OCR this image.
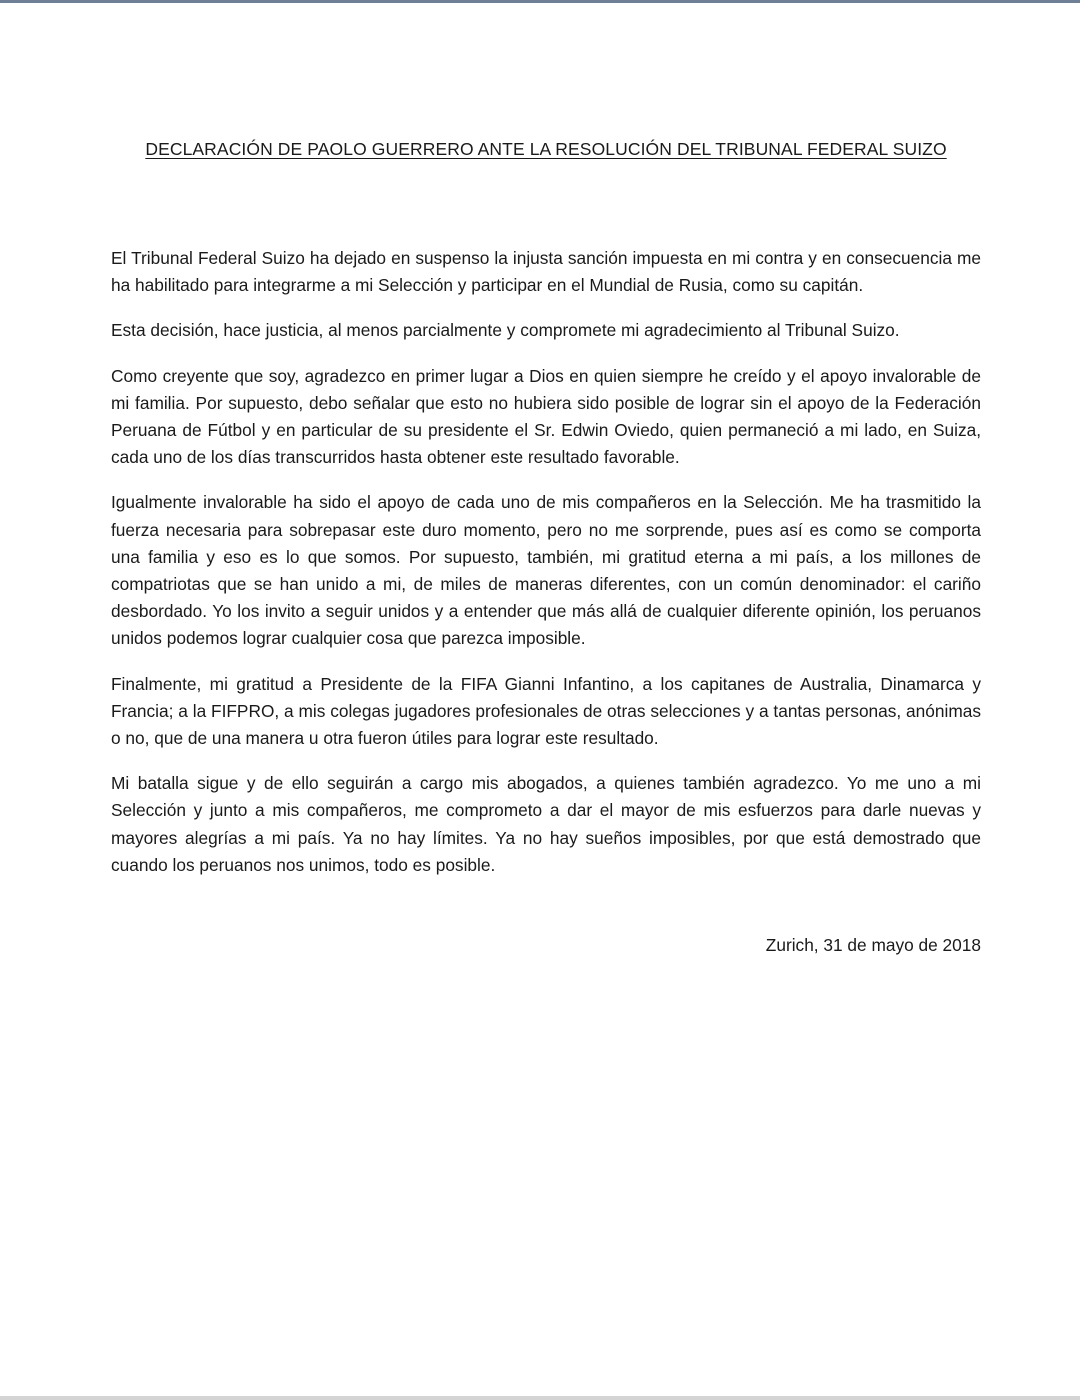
DECLARACIÓN DE PAOLO GUERRERO ANTE LA RESOLUCIÓN DEL TRIBUNAL FEDERAL SUIZO

El Tribunal Federal Suizo ha dejado en suspenso la injusta sanción impuesta en mi contra y en consecuencia me ha habilitado para integrarme a mi Selección y participar en el Mundial de Rusia, como su capitán.

Esta decisión, hace justicia, al menos parcialmente y compromete mi agradecimiento al Tribunal Suizo.

Como creyente que soy, agradezco en primer lugar a Dios en quien siempre he creído y el apoyo invalorable de mi familia. Por supuesto, debo señalar que esto no hubiera sido posible de lograr sin el apoyo de la Federación Peruana de Fútbol y en particular de su presidente el Sr. Edwin Oviedo, quien permaneció a mi lado, en Suiza, cada uno de los días transcurridos hasta obtener este resultado favorable.

Igualmente invalorable ha sido el apoyo de cada uno de mis compañeros en la Selección. Me ha trasmitido la fuerza necesaria para sobrepasar este duro momento, pero no me sorprende, pues así es como se comporta una familia y eso es lo que somos. Por supuesto, también, mi gratitud eterna a mi país, a los millones de compatriotas que se han unido a mi, de miles de maneras diferentes, con un común denominador: el cariño desbordado. Yo los invito a seguir unidos y a entender que más allá de cualquier diferente opinión, los peruanos unidos podemos lograr cualquier cosa que parezca imposible.

Finalmente, mi gratitud a Presidente de la FIFA Gianni Infantino, a los capitanes de Australia, Dinamarca y Francia; a la FIFPRO, a mis colegas jugadores profesionales de otras selecciones y a tantas personas, anónimas o no, que de una manera u otra fueron útiles para lograr este resultado.

Mi batalla sigue y de ello seguirán a cargo mis abogados, a quienes también agradezco. Yo me uno a mi Selección y junto a mis compañeros, me comprometo a dar el mayor de mis esfuerzos para darle nuevas y mayores alegrías a mi país. Ya no hay límites. Ya no hay sueños imposibles, por que está demostrado que cuando los peruanos nos unimos, todo es posible.

Zurich, 31 de mayo de 2018
